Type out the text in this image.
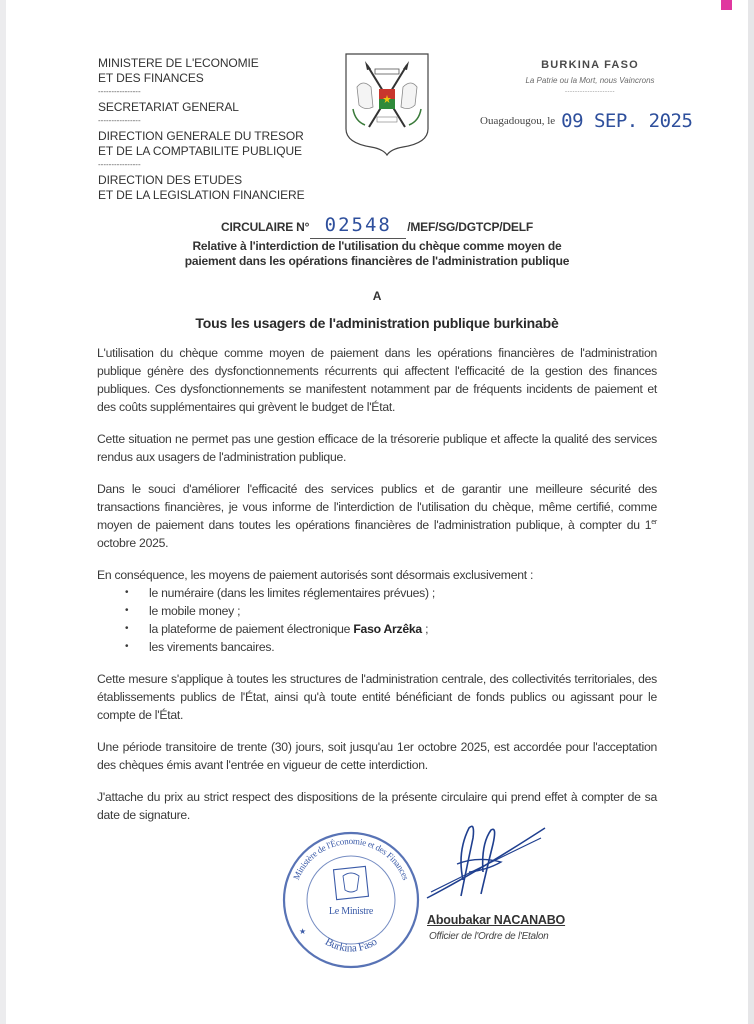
MINISTERE DE L'ECONOMIE
ET DES FINANCES
----------------
SECRETARIAT GENERAL
----------------
DIRECTION GENERALE DU TRESOR
ET DE LA COMPTABILITE PUBLIQUE
----------------
DIRECTION DES ETUDES
ET DE LA LEGISLATION FINANCIERE
BURKINA FASO
La Patrie ou la Mort, nous Vaincrons
--------------------
Ouagadougou, le 09 SEP. 2025
CIRCULAIRE N° 02548 /MEF/SG/DGTCP/DELF
Relative à l'interdiction de l'utilisation du chèque comme moyen de
paiement dans les opérations financières de l'administration publique
A
Tous les usagers de l'administration publique burkinabè

L'utilisation du chèque comme moyen de paiement dans les opérations financières de l'administration publique génère des dysfonctionnements récurrents qui affectent l'efficacité de la gestion des finances publiques. Ces dysfonctionnements se manifestent notamment par de fréquents incidents de paiement et des coûts supplémentaires qui grèvent le budget de l'État.

Cette situation ne permet pas une gestion efficace de la trésorerie publique et affecte la qualité des services rendus aux usagers de l'administration publique.

Dans le souci d'améliorer l'efficacité des services publics et de garantir une meilleure sécurité des transactions financières, je vous informe de l'interdiction de l'utilisation du chèque, même certifié, comme moyen de paiement dans toutes les opérations financières de l'administration publique, à compter du 1er octobre 2025.

En conséquence, les moyens de paiement autorisés sont désormais exclusivement :

• le numéraire (dans les limites réglementaires prévues) ;
• le mobile money ;
• la plateforme de paiement électronique Faso Arzêka ;
• les virements bancaires.

Cette mesure s'applique à toutes les structures de l'administration centrale, des collectivités territoriales, des établissements publics de l'État, ainsi qu'à toute entité bénéficiant de fonds publics ou agissant pour le compte de l'État.

Une période transitoire de trente (30) jours, soit jusqu'au 1er octobre 2025, est accordée pour l'acceptation des chèques émis avant l'entrée en vigueur de cette interdiction.

J'attache du prix au strict respect des dispositions de la présente circulaire qui prend effet à compter de sa date de signature.

Ministère de l'Économie et des Finances
Burkina Faso
Le Ministre
★
Aboubakar NACANABO
Officier de l'Ordre de l'Etalon
